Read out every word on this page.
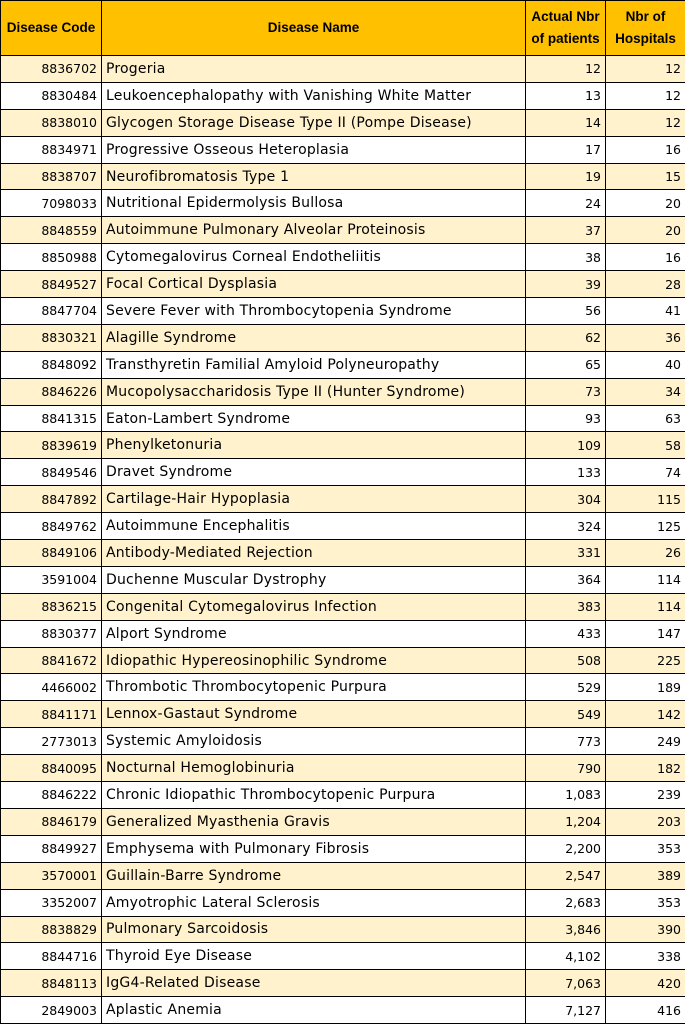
Disease Code	Disease Name	Actual Nbr of patients	Nbr of Hospitals
8836702	Progeria	12	12
8830484	Leukoencephalopathy with Vanishing White Matter	13	12
8838010	Glycogen Storage Disease Type II (Pompe Disease)	14	12
8834971	Progressive Osseous Heteroplasia	17	16
8838707	Neurofibromatosis Type 1	19	15
7098033	Nutritional Epidermolysis Bullosa	24	20
8848559	Autoimmune Pulmonary Alveolar Proteinosis	37	20
8850988	Cytomegalovirus Corneal Endotheliitis	38	16
8849527	Focal Cortical Dysplasia	39	28
8847704	Severe Fever with Thrombocytopenia Syndrome	56	41
8830321	Alagille Syndrome	62	36
8848092	Transthyretin Familial Amyloid Polyneuropathy	65	40
8846226	Mucopolysaccharidosis Type II (Hunter Syndrome)	73	34
8841315	Eaton-Lambert Syndrome	93	63
8839619	Phenylketonuria	109	58
8849546	Dravet Syndrome	133	74
8847892	Cartilage-Hair Hypoplasia	304	115
8849762	Autoimmune Encephalitis	324	125
8849106	Antibody-Mediated Rejection	331	26
3591004	Duchenne Muscular Dystrophy	364	114
8836215	Congenital Cytomegalovirus Infection	383	114
8830377	Alport Syndrome	433	147
8841672	Idiopathic Hypereosinophilic Syndrome	508	225
4466002	Thrombotic Thrombocytopenic Purpura	529	189
8841171	Lennox-Gastaut Syndrome	549	142
2773013	Systemic Amyloidosis	773	249
8840095	Nocturnal Hemoglobinuria	790	182
8846222	Chronic Idiopathic Thrombocytopenic Purpura	1,083	239
8846179	Generalized Myasthenia Gravis	1,204	203
8849927	Emphysema with Pulmonary Fibrosis	2,200	353
3570001	Guillain-Barre Syndrome	2,547	389
3352007	Amyotrophic Lateral Sclerosis	2,683	353
8838829	Pulmonary Sarcoidosis	3,846	390
8844716	Thyroid Eye Disease	4,102	338
8848113	IgG4-Related Disease	7,063	420
2849003	Aplastic Anemia	7,127	416
